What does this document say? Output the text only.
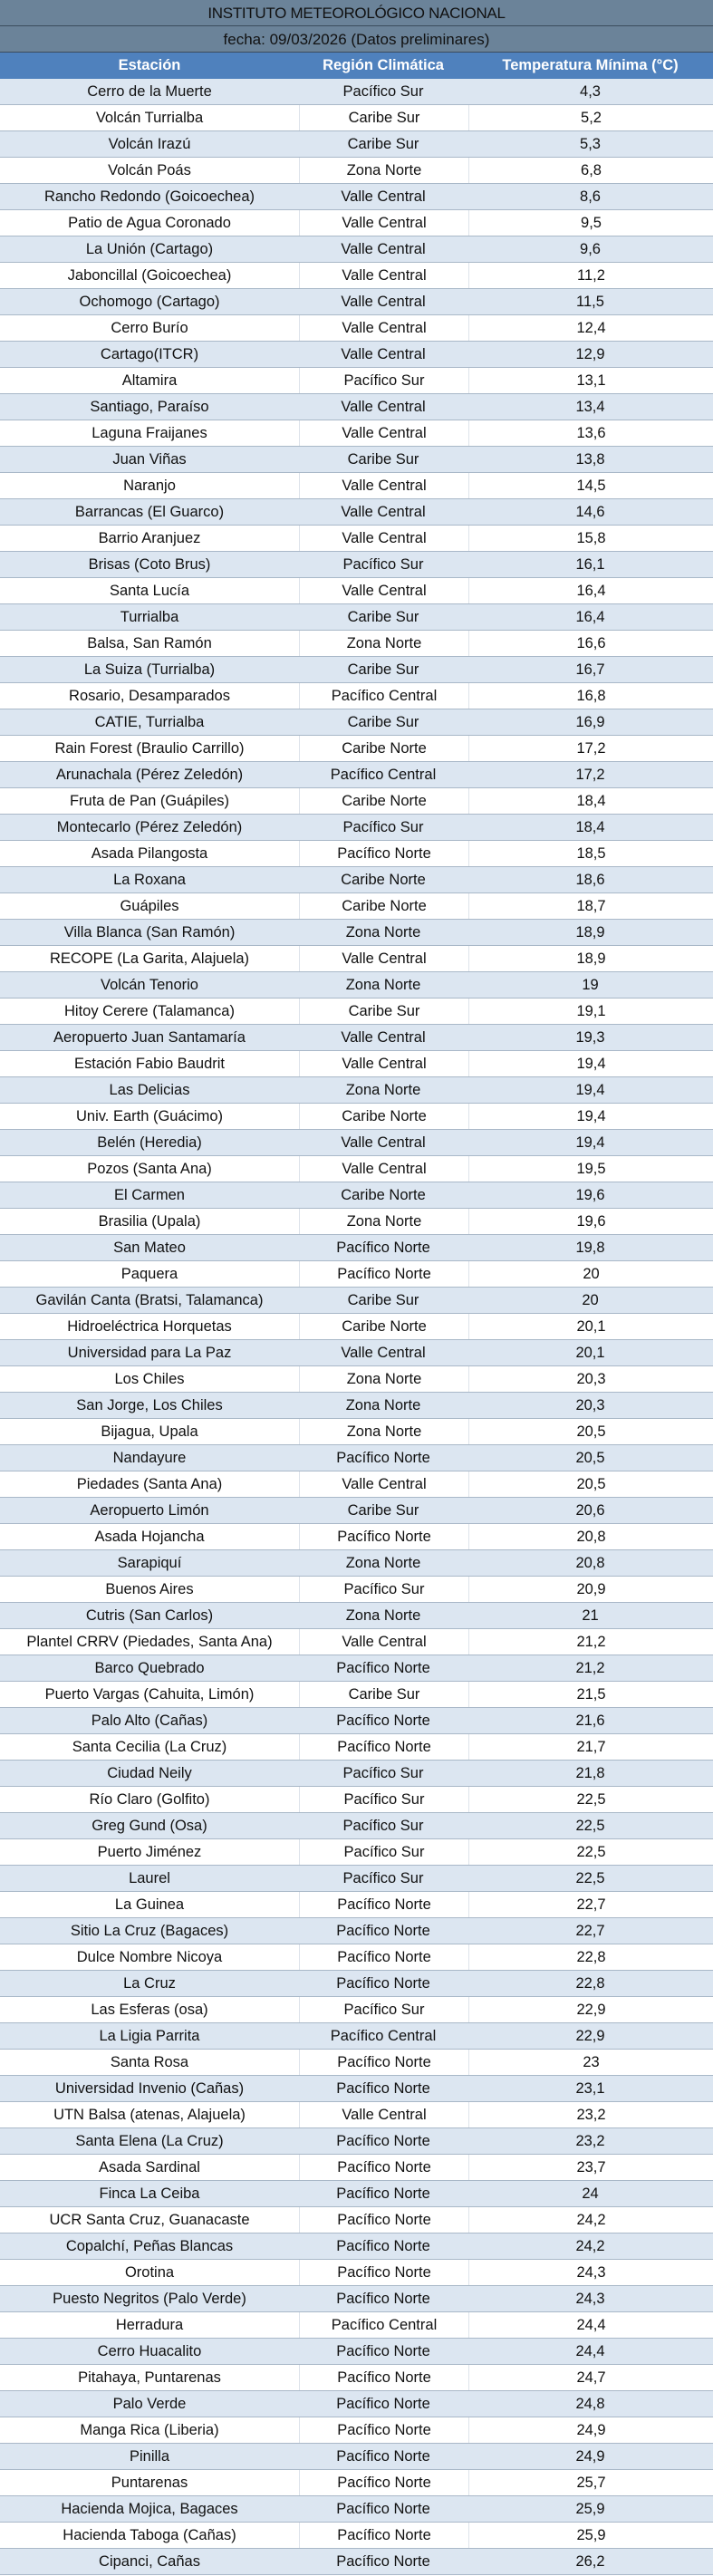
INSTITUTO METEOROLÓGICO NACIONAL
fecha: 09/03/2026 (Datos preliminares)
Estación	Región Climática	Temperatura Mínima (°C)
Cerro de la Muerte	Pacífico Sur	4,3
Volcán Turrialba	Caribe Sur	5,2
Volcán Irazú	Caribe Sur	5,3
Volcán Poás	Zona Norte	6,8
Rancho Redondo (Goicoechea)	Valle Central	8,6
Patio de Agua Coronado	Valle Central	9,5
La Unión (Cartago)	Valle Central	9,6
Jaboncillal (Goicoechea)	Valle Central	11,2
Ochomogo (Cartago)	Valle Central	11,5
Cerro Burío	Valle Central	12,4
Cartago(ITCR)	Valle Central	12,9
Altamira	Pacífico Sur	13,1
Santiago, Paraíso	Valle Central	13,4
Laguna Fraijanes	Valle Central	13,6
Juan Viñas	Caribe Sur	13,8
Naranjo	Valle Central	14,5
Barrancas (El Guarco)	Valle Central	14,6
Barrio Aranjuez	Valle Central	15,8
Brisas (Coto Brus)	Pacífico Sur	16,1
Santa Lucía	Valle Central	16,4
Turrialba	Caribe Sur	16,4
Balsa, San Ramón	Zona Norte	16,6
La Suiza (Turrialba)	Caribe Sur	16,7
Rosario, Desamparados	Pacífico Central	16,8
CATIE, Turrialba	Caribe Sur	16,9
Rain Forest (Braulio Carrillo)	Caribe Norte	17,2
Arunachala (Pérez Zeledón)	Pacífico Central	17,2
Fruta de Pan (Guápiles)	Caribe Norte	18,4
Montecarlo (Pérez Zeledón)	Pacífico Sur	18,4
Asada Pilangosta	Pacífico Norte	18,5
La Roxana	Caribe Norte	18,6
Guápiles	Caribe Norte	18,7
Villa Blanca (San Ramón)	Zona Norte	18,9
RECOPE (La Garita, Alajuela)	Valle Central	18,9
Volcán Tenorio	Zona Norte	19
Hitoy Cerere (Talamanca)	Caribe Sur	19,1
Aeropuerto Juan Santamaría	Valle Central	19,3
Estación Fabio Baudrit	Valle Central	19,4
Las Delicias	Zona Norte	19,4
Univ. Earth (Guácimo)	Caribe Norte	19,4
Belén (Heredia)	Valle Central	19,4
Pozos (Santa Ana)	Valle Central	19,5
El Carmen	Caribe Norte	19,6
Brasilia (Upala)	Zona Norte	19,6
San Mateo	Pacífico Norte	19,8
Paquera	Pacífico Norte	20
Gavilán Canta (Bratsi, Talamanca)	Caribe Sur	20
Hidroeléctrica Horquetas	Caribe Norte	20,1
Universidad para La Paz	Valle Central	20,1
Los Chiles	Zona Norte	20,3
San Jorge, Los Chiles	Zona Norte	20,3
Bijagua, Upala	Zona Norte	20,5
Nandayure	Pacífico Norte	20,5
Piedades (Santa Ana)	Valle Central	20,5
Aeropuerto Limón	Caribe Sur	20,6
Asada Hojancha	Pacífico Norte	20,8
Sarapiquí	Zona Norte	20,8
Buenos Aires	Pacífico Sur	20,9
Cutris (San Carlos)	Zona Norte	21
Plantel CRRV (Piedades, Santa Ana)	Valle Central	21,2
Barco Quebrado	Pacífico Norte	21,2
Puerto Vargas (Cahuita, Limón)	Caribe Sur	21,5
Palo Alto (Cañas)	Pacífico Norte	21,6
Santa Cecilia (La Cruz)	Pacífico Norte	21,7
Ciudad Neily	Pacífico Sur	21,8
Río Claro (Golfito)	Pacífico Sur	22,5
Greg Gund (Osa)	Pacífico Sur	22,5
Puerto Jiménez	Pacífico Sur	22,5
Laurel	Pacífico Sur	22,5
La Guinea	Pacífico Norte	22,7
Sitio La Cruz (Bagaces)	Pacífico Norte	22,7
Dulce Nombre Nicoya	Pacífico Norte	22,8
La Cruz	Pacífico Norte	22,8
Las Esferas (osa)	Pacífico Sur	22,9
La Ligia Parrita	Pacífico Central	22,9
Santa Rosa	Pacífico Norte	23
Universidad Invenio (Cañas)	Pacífico Norte	23,1
UTN Balsa (atenas, Alajuela)	Valle Central	23,2
Santa Elena (La Cruz)	Pacífico Norte	23,2
Asada Sardinal	Pacífico Norte	23,7
Finca La Ceiba	Pacífico Norte	24
UCR Santa Cruz, Guanacaste	Pacífico Norte	24,2
Copalchí, Peñas Blancas	Pacífico Norte	24,2
Orotina	Pacífico Norte	24,3
Puesto Negritos (Palo Verde)	Pacífico Norte	24,3
Herradura	Pacífico Central	24,4
Cerro Huacalito	Pacífico Norte	24,4
Pitahaya, Puntarenas	Pacífico Norte	24,7
Palo Verde	Pacífico Norte	24,8
Manga Rica (Liberia)	Pacífico Norte	24,9
Pinilla	Pacífico Norte	24,9
Puntarenas	Pacífico Norte	25,7
Hacienda Mojica, Bagaces	Pacífico Norte	25,9
Hacienda Taboga (Cañas)	Pacífico Norte	25,9
Cipanci, Cañas	Pacífico Norte	26,2
